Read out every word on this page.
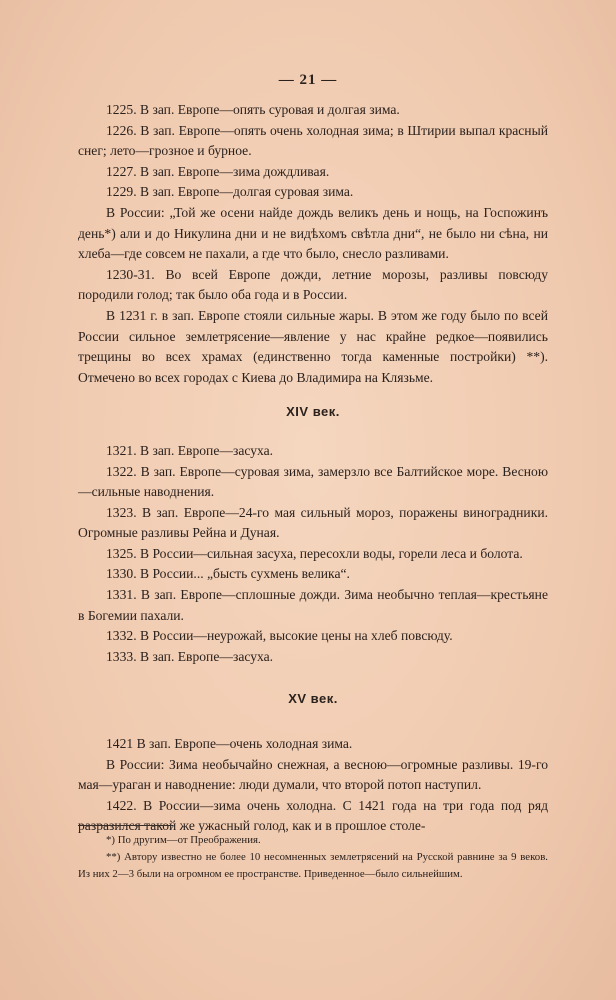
— 21 —

1225. В зап. Европе—опять суровая и долгая зима.

1226. В зап. Европе—опять очень холодная зима; в Штирии выпал красный снег; лето—грозное и бурное.

1227. В зап. Европе—зима дождливая.

1229. В зап. Европе—долгая суровая зима.

В России: „Той же осени найде дождь великъ день и нощь, на Госпожинъ день*) али и до Никулина дни и не видѣхомъ свѣтла дни“, не было ни сѣна, ни хлеба—где совсем не пахали, а где что было, снесло разливами.

1230-31. Во всей Европе дожди, летние морозы, разливы повсюду породили голод; так было оба года и в России.

В 1231 г. в зап. Европе стояли сильные жары. В этом же году было по всей России сильное землетрясение—явление у нас крайне редкое—появились трещины во всех храмах (единственно тогда каменные постройки) **). Отмечено во всех городах с Киева до Владимира на Клязьме.

XIV век.

1321. В зап. Европе—засуха.

1322. В зап. Европе—суровая зима, замерзло все Балтийское море. Весною—сильные наводнения.

1323. В зап. Европе—24-го мая сильный мороз, поражены виноградники. Огромные разливы Рейна и Дуная.

1325. В России—сильная засуха, пересохли воды, горели леса и болота.

1330. В России... „бысть сухмень велика“.

1331. В зап. Европе—сплошные дожди. Зима необычно теплая—крестьяне в Богемии пахали.

1332. В России—неурожай, высокие цены на хлеб повсюду.

1333. В зап. Европе—засуха.

XV век.

1421 В зап. Европе—очень холодная зима.

В России: Зима необычайно снежная, а весною—огромные разливы. 19-го мая—ураган и наводнение: люди думали, что второй потоп наступил.

1422. В России—зима очень холодна. С 1421 года на три года под ряд разразился такой же ужасный голод, как и в прошлое столе-

*) По другим—от Преображения.

**) Автору известно не более 10 несомненных землетрясений на Русской равнине за 9 веков. Из них 2—3 были на огромном ее пространстве. Приведенное—было сильнейшим.
